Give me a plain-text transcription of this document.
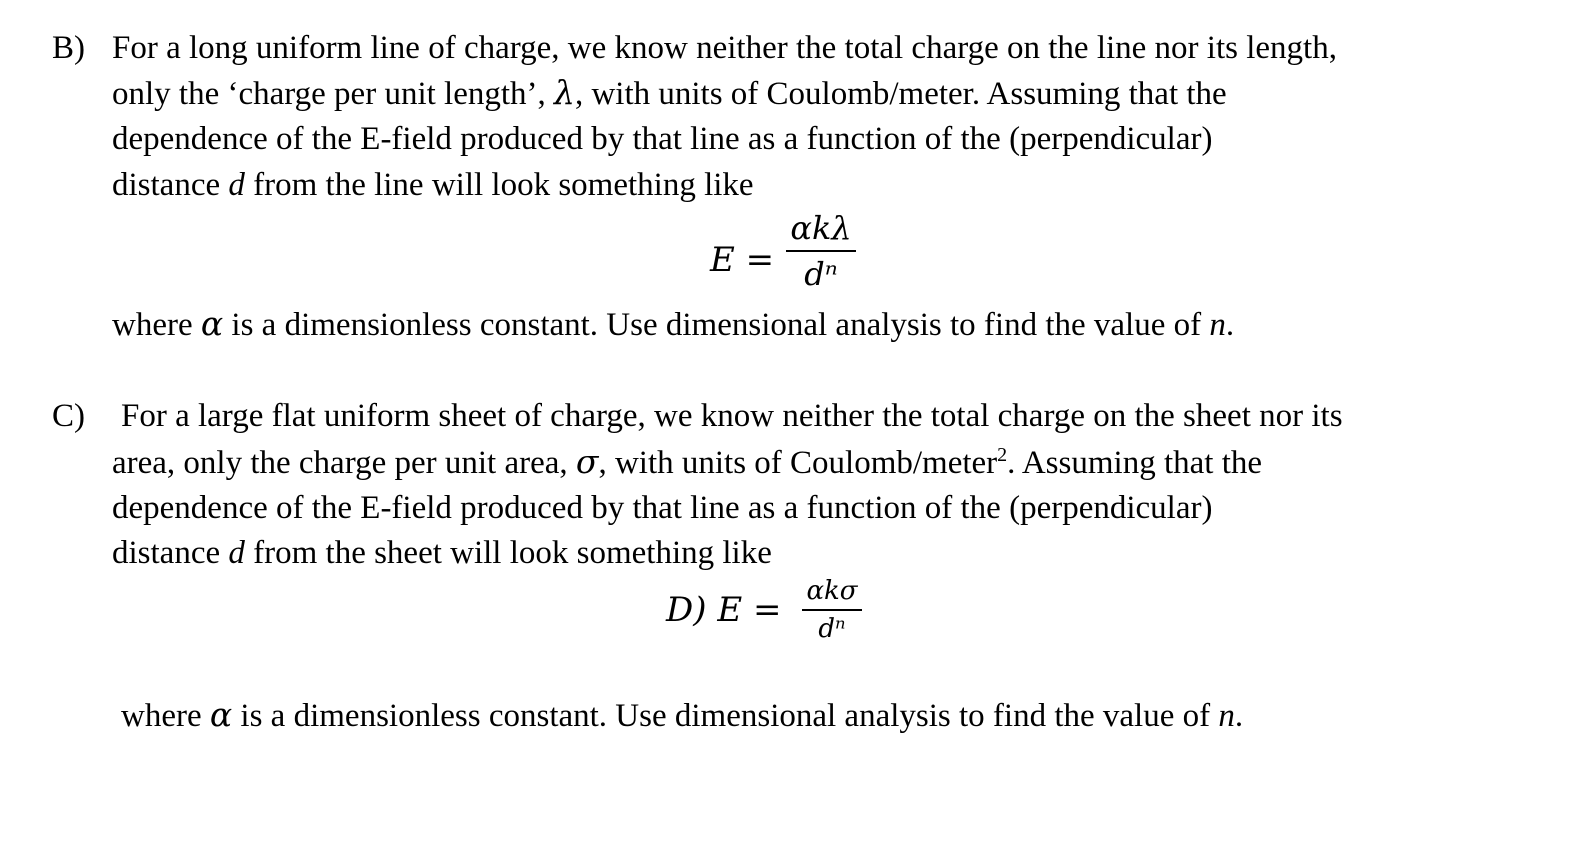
B) For a long uniform line of charge, we know neither the total charge on the line nor its length,
only the ‘charge per unit length’, λ, with units of Coulomb/meter. Assuming that the
dependence of the E-field produced by that line as a function of the (perpendicular)
distance d from the line will look something like
E =
αkλ
dⁿ
where α is a dimensionless constant. Use dimensional analysis to find the value of n.
C) For a large flat uniform sheet of charge, we know neither the total charge on the sheet nor its
area, only the charge per unit area, σ, with units of Coulomb/meter$^2$. Assuming that the
dependence of the E-field produced by that line as a function of the (perpendicular)
distance d from the sheet will look something like
D) E = αkσ
dⁿ
where α is a dimensionless constant. Use dimensional analysis to find the value of n.
